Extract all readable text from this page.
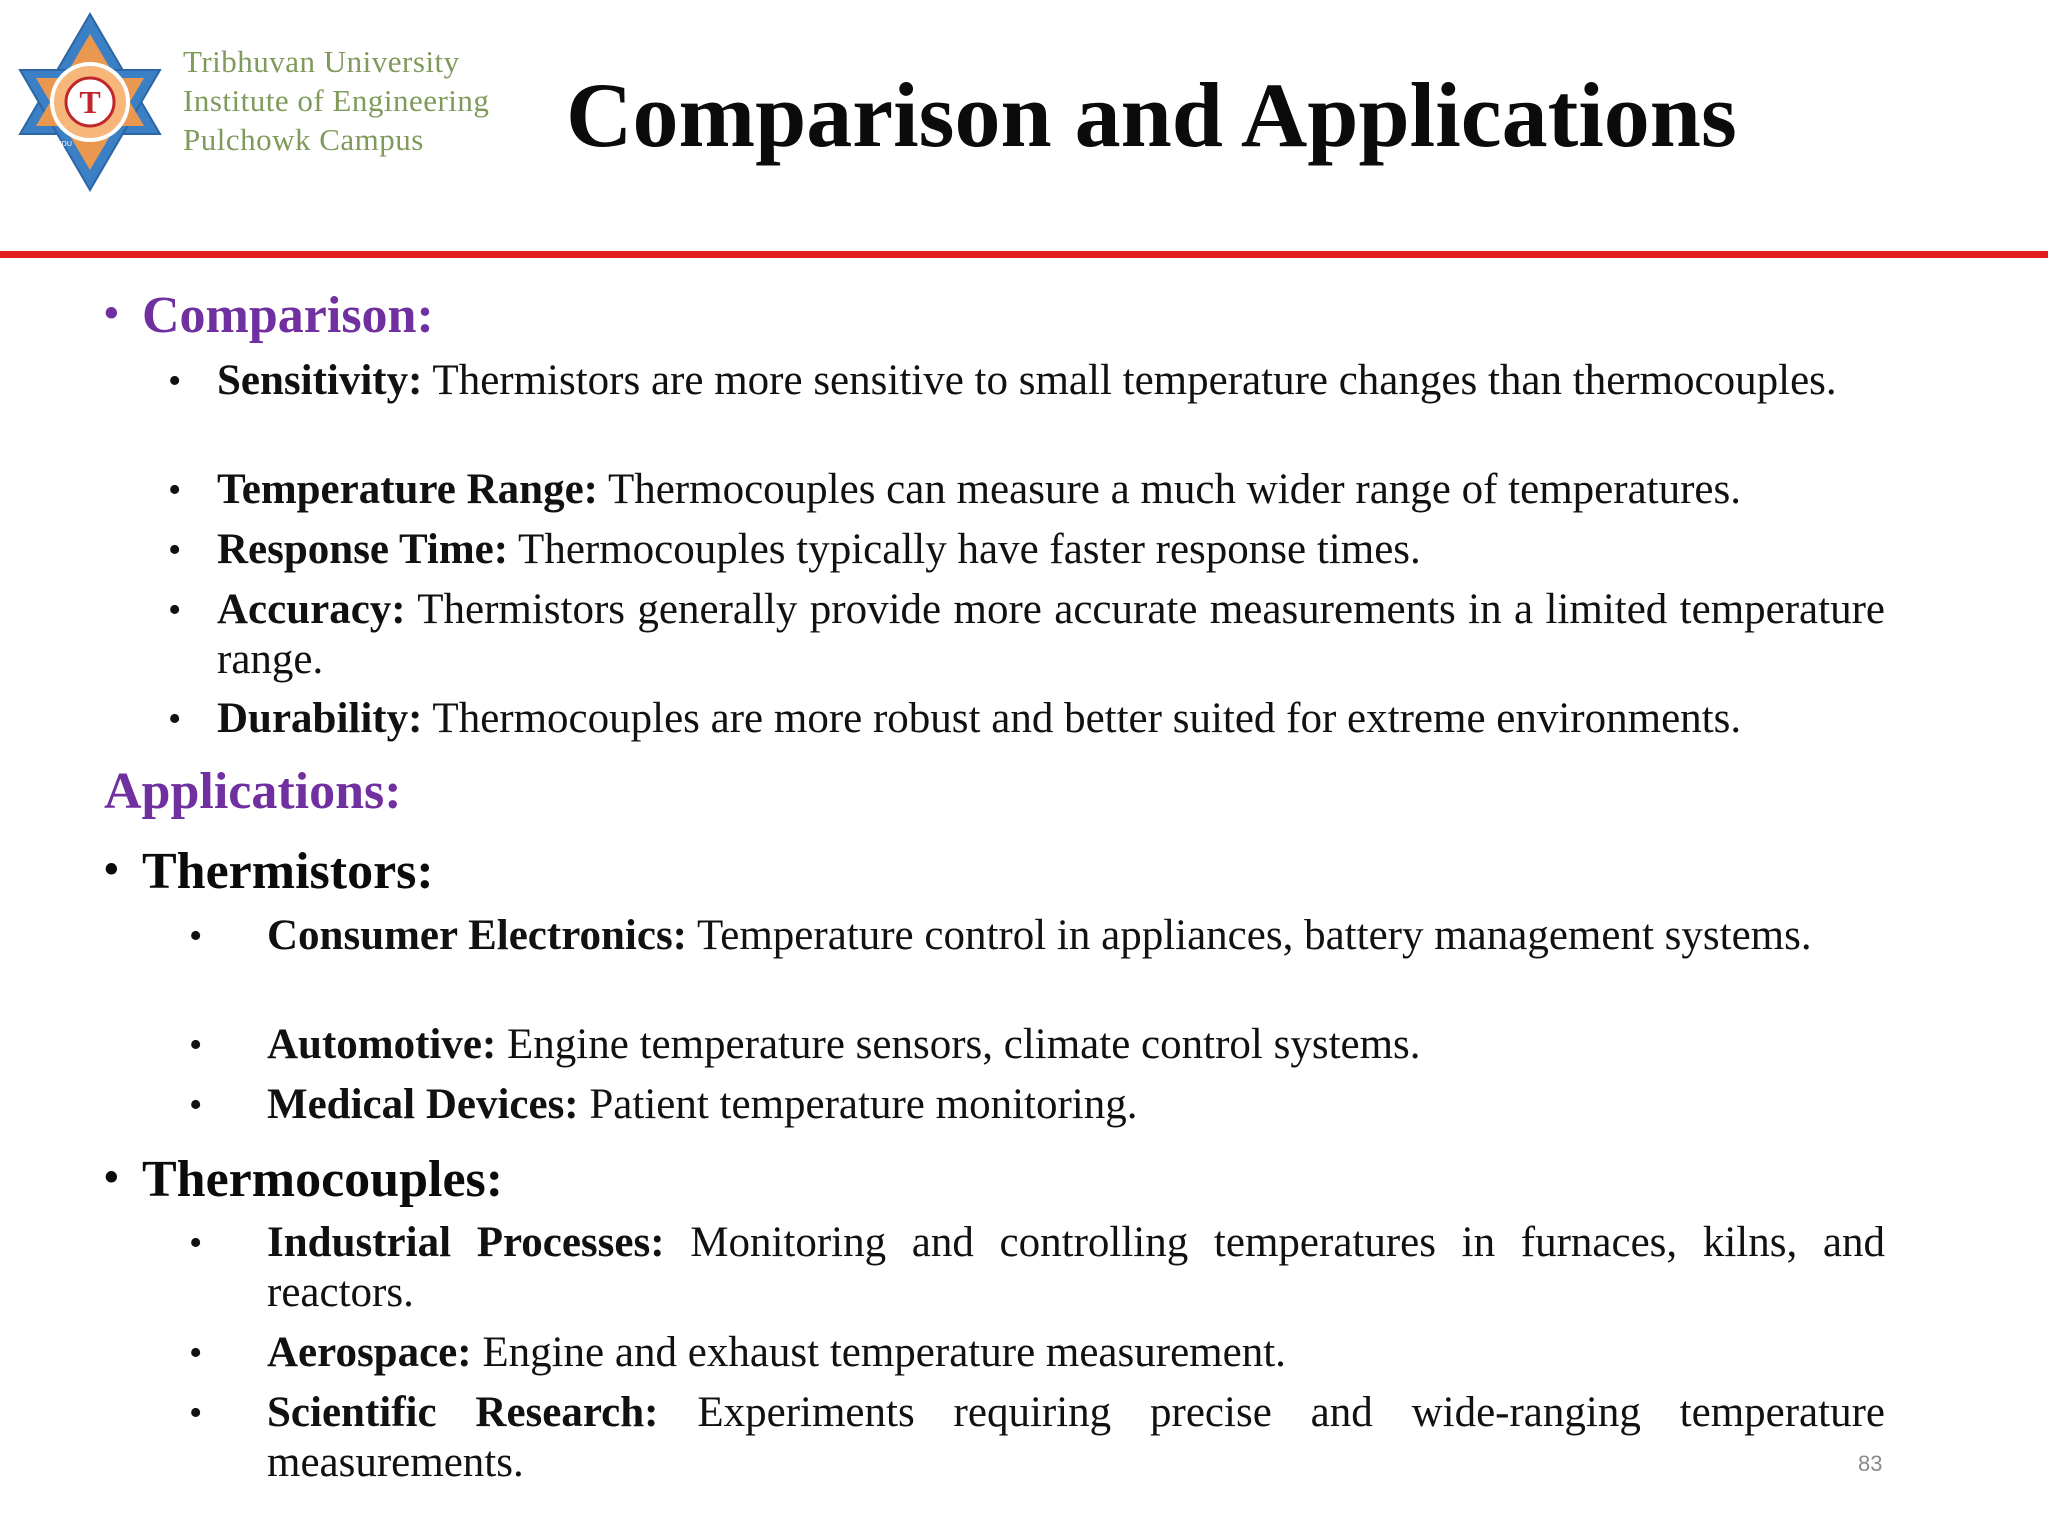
T
KATHMANDU	NEPAL
Tribhuvan University
Institute of Engineering
Pulchowk Campus	Comparison and Applications
• Comparison:
• Sensitivity: Thermistors are more sensitive to small temperature changes than thermocouples.
• Temperature Range: Thermocouples can measure a much wider range of temperatures.
• Response Time: Thermocouples typically have faster response times.
• Accuracy: Thermistors generally provide more accurate measurements in a limited temperature range.
• Durability: Thermocouples are more robust and better suited for extreme environments.
Applications:
• Thermistors:
• Consumer Electronics: Temperature control in appliances, battery management systems.
• Automotive: Engine temperature sensors, climate control systems.
• Medical Devices: Patient temperature monitoring.
• Thermocouples:
• Industrial Processes: Monitoring and controlling temperatures in furnaces, kilns, and reactors.
• Aerospace: Engine and exhaust temperature measurement.
• Scientific Research: Experiments requiring precise and wide-ranging temperature measurements.	83
